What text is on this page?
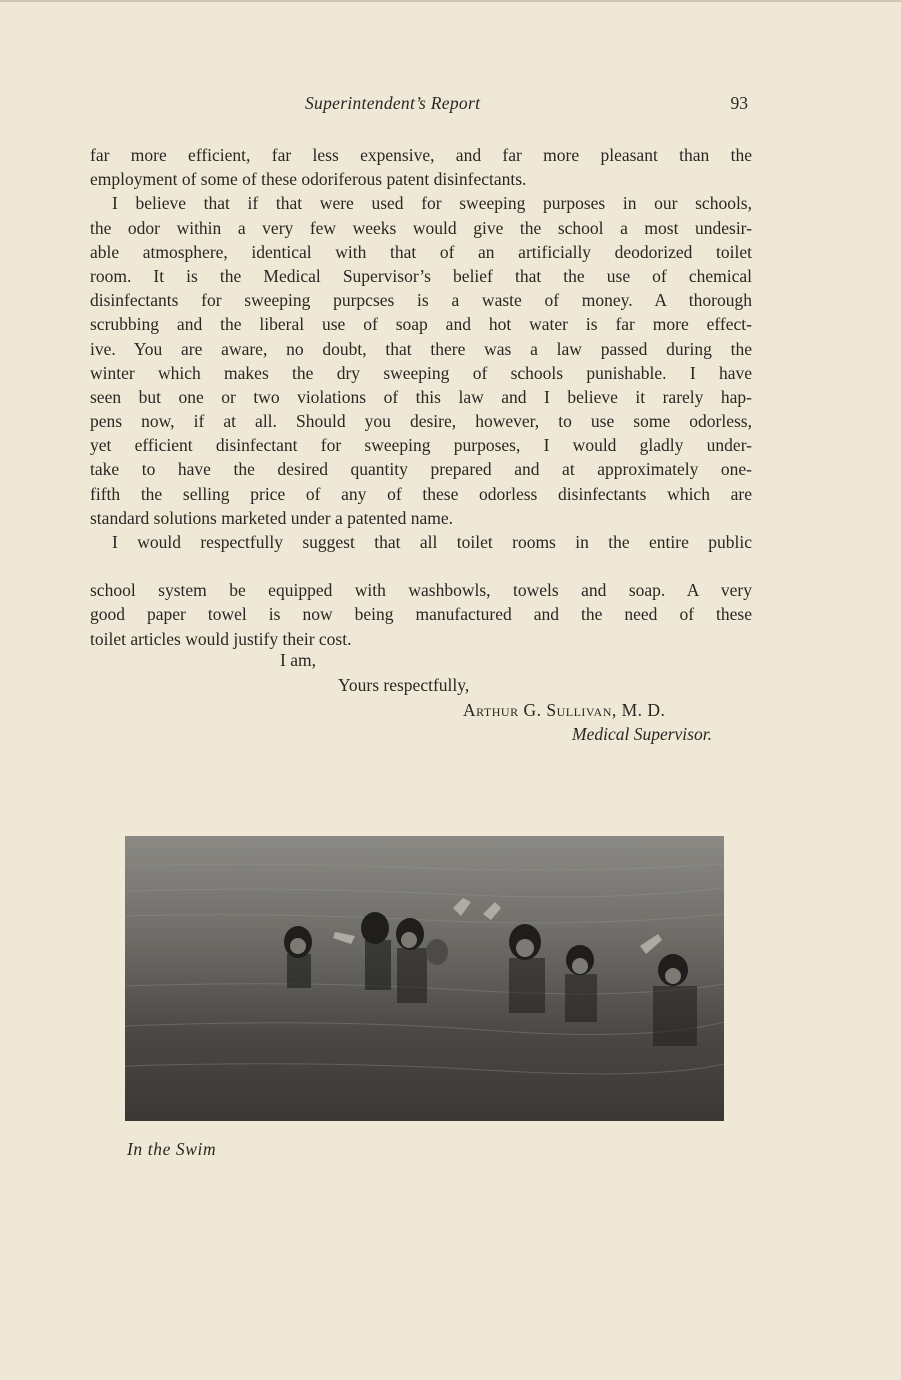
Superintendent’s Report	93
far more efficient, far less expensive, and far more pleasant than the
employment of some of these odoriferous patent disinfectants.
I believe that if that were used for sweeping purposes in our schools,
the odor within a very few weeks would give the school a most undesir-
able atmosphere, identical with that of an artificially deodorized toilet
room. It is the Medical Supervisor’s belief that the use of chemical
disinfectants for sweeping purpcses is a waste of money. A thorough
scrubbing and the liberal use of soap and hot water is far more effect-
ive. You are aware, no doubt, that there was a law passed during the
winter which makes the dry sweeping of schools punishable. I have
seen but one or two violations of this law and I believe it rarely hap-
pens now, if at all. Should you desire, however, to use some odorless,
yet efficient disinfectant for sweeping purposes, I would gladly under-
take to have the desired quantity prepared and at approximately one-
fifth the selling price of any of these odorless disinfectants which are
standard solutions marketed under a patented name.
I would respectfully suggest that all toilet rooms in the entire public
school system be equipped with washbowls, towels and soap. A very
good paper towel is now being manufactured and the need of these
toilet articles would justify their cost.
I am,
Yours respectfully,
Arthur G. Sullivan, M. D.
Medical Supervisor.
In the Swim
